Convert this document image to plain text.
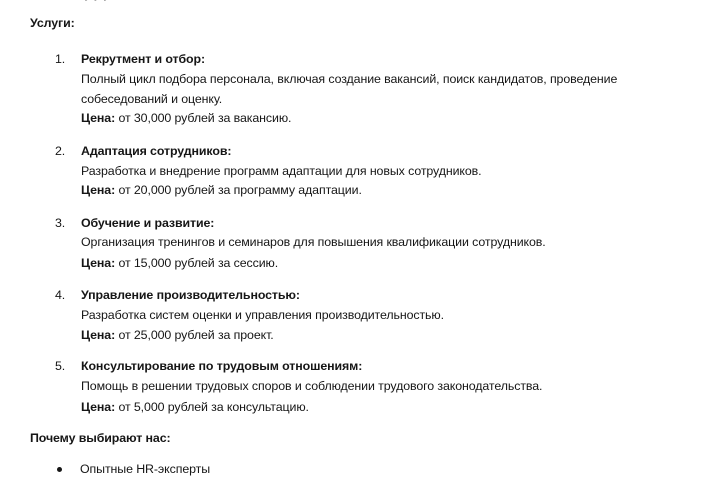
Услуги:
1. Рекрутмент и отбор:
Полный цикл подбора персонала, включая создание вакансий, поиск кандидатов, проведение
собеседований и оценку.
Цена: от 30,000 рублей за вакансию.
2. Адаптация сотрудников:
Разработка и внедрение программ адаптации для новых сотрудников.
Цена: от 20,000 рублей за программу адаптации.
3. Обучение и развитие:
Организация тренингов и семинаров для повышения квалификации сотрудников.
Цена: от 15,000 рублей за сессию.
4. Управление производительностью:
Разработка систем оценки и управления производительностью.
Цена: от 25,000 рублей за проект.
5. Консультирование по трудовым отношениям:
Помощь в решении трудовых споров и соблюдении трудового законодательства.
Цена: от 5,000 рублей за консультацию.
Почему выбирают нас:
Опытные HR-эксперты
